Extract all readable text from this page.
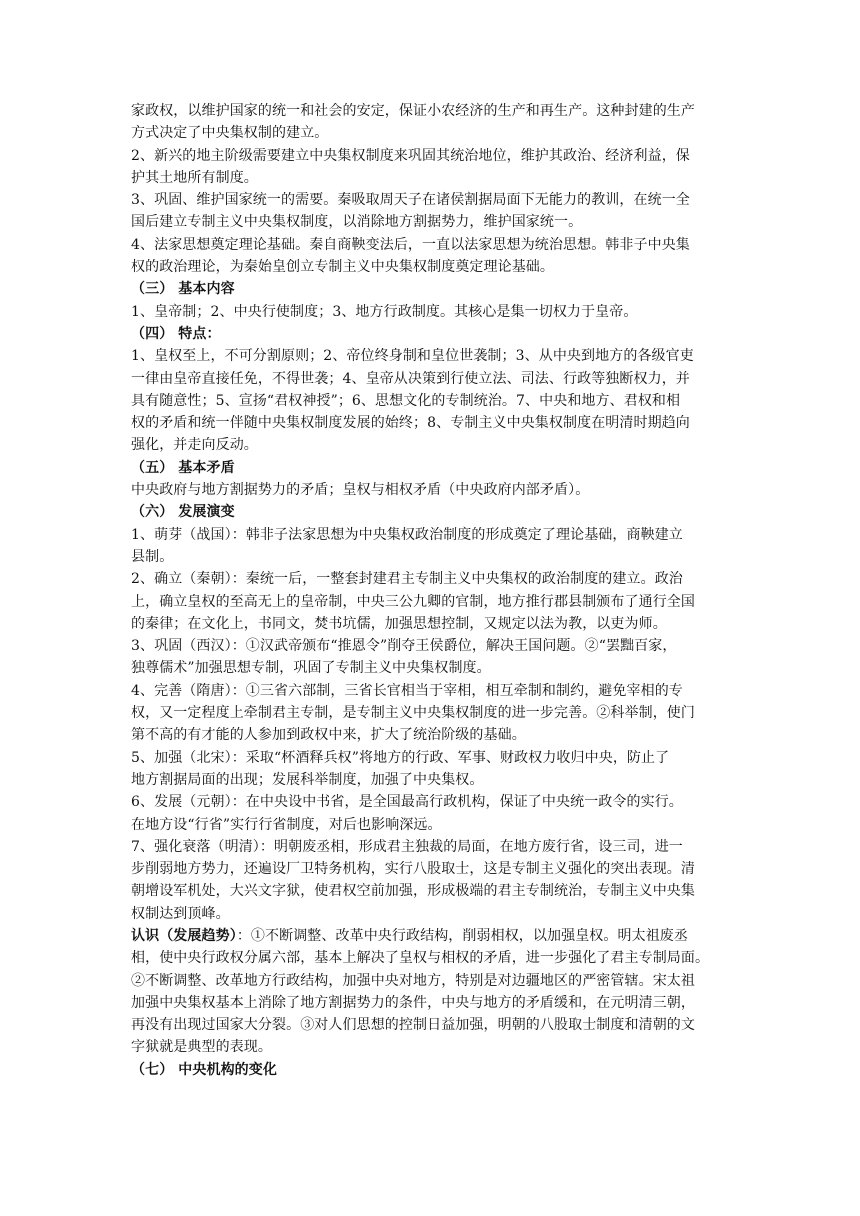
家政权，以维护国家的统一和社会的安定，保证小农经济的生产和再生产。这种封建的生产
方式决定了中央集权制的建立。
2、新兴的地主阶级需要建立中央集权制度来巩固其统治地位，维护其政治、经济利益，保
护其土地所有制度。
3、巩固、维护国家统一的需要。秦吸取周天子在诸侯割据局面下无能力的教训，在统一全
国后建立专制主义中央集权制度，以消除地方割据势力，维护国家统一。
4、法家思想奠定理论基础。秦自商鞅变法后，一直以法家思想为统治思想。韩非子中央集
权的政治理论，为秦始皇创立专制主义中央集权制度奠定理论基础。
（三） 基本内容
1、皇帝制；2、中央行使制度；3、地方行政制度。其核心是集一切权力于皇帝。
（四） 特点：
1、皇权至上，不可分割原则；2、帝位终身制和皇位世袭制；3、从中央到地方的各级官吏
一律由皇帝直接任免，不得世袭；4、皇帝从决策到行使立法、司法、行政等独断权力，并
具有随意性；5、宣扬“君权神授”；6、思想文化的专制统治。7、中央和地方、君权和相
权的矛盾和统一伴随中央集权制度发展的始终；8、专制主义中央集权制度在明清时期趋向
强化，并走向反动。
（五） 基本矛盾
中央政府与地方割据势力的矛盾；皇权与相权矛盾（中央政府内部矛盾）。
（六） 发展演变
1、萌芽（战国）：韩非子法家思想为中央集权政治制度的形成奠定了理论基础，商鞅建立
县制。
2、确立（秦朝）：秦统一后，一整套封建君主专制主义中央集权的政治制度的建立。政治
上，确立皇权的至高无上的皇帝制，中央三公九卿的官制，地方推行郡县制颁布了通行全国
的秦律；在文化上，书同文，焚书坑儒，加强思想控制，又规定以法为教，以吏为师。
3、巩固（西汉）：①汉武帝颁布“推恩令”削夺王侯爵位，解决王国问题。②“罢黜百家，
独尊儒术”加强思想专制，巩固了专制主义中央集权制度。
4、完善（隋唐）：①三省六部制，三省长官相当于宰相，相互牵制和制约，避免宰相的专
权，又一定程度上牵制君主专制，是专制主义中央集权制度的进一步完善。②科举制，使门
第不高的有才能的人参加到政权中来，扩大了统治阶级的基础。
5、加强（北宋）：采取“杯酒释兵权”将地方的行政、军事、财政权力收归中央，防止了
地方割据局面的出现；发展科举制度，加强了中央集权。
6、发展（元朝）：在中央设中书省，是全国最高行政机构，保证了中央统一政令的实行。
在地方设“行省”实行行省制度，对后也影响深远。
7、强化衰落（明清）：明朝废丞相，形成君主独裁的局面，在地方废行省，设三司，进一
步削弱地方势力，还遍设厂卫特务机构，实行八股取士，这是专制主义强化的突出表现。清
朝增设军机处，大兴文字狱，使君权空前加强，形成极端的君主专制统治，专制主义中央集
权制达到顶峰。
认识（发展趋势）：①不断调整、改革中央行政结构，削弱相权，以加强皇权。明太祖废丞
相，使中央行政权分属六部，基本上解决了皇权与相权的矛盾，进一步强化了君主专制局面。
②不断调整、改革地方行政结构，加强中央对地方，特别是对边疆地区的严密管辖。宋太祖
加强中央集权基本上消除了地方割据势力的条件，中央与地方的矛盾缓和，在元明清三朝，
再没有出现过国家大分裂。③对人们思想的控制日益加强，明朝的八股取士制度和清朝的文
字狱就是典型的表现。
（七） 中央机构的变化
